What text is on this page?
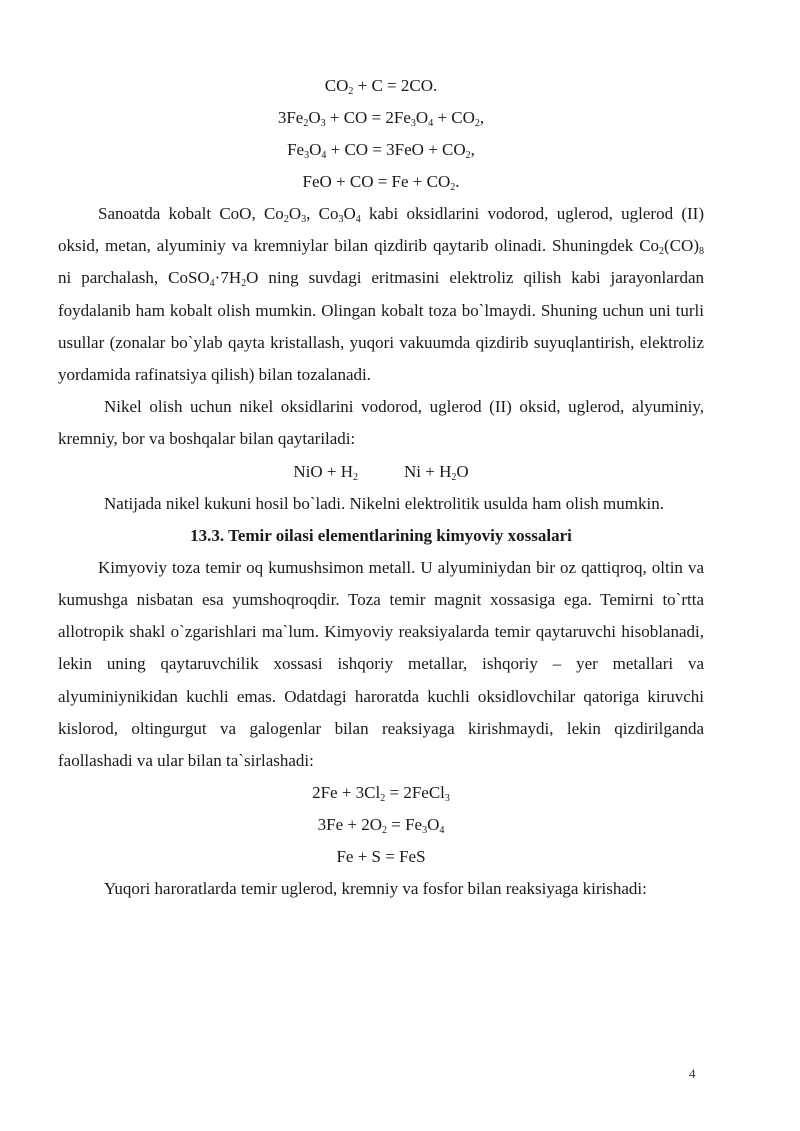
$CO_2 + C = 2CO$.
$3Fe_2O_3$ + CO = $2Fe_3O_4 + CO_2$,
$Fe_3O_4$ + CO = $3FeO + CO_2$,
FeO + CO = $Fe + CO_2$.

Sanoatda kobalt CoO, $Co_2O_3$, $Co_3O_4$ kabi oksidlarini vodorod, uglerod, uglerod (II) oksid, metan, alyuminiy va kremniylar bilan qizdirib qaytarib olinadi. Shuningdek $Co_2(CO)_8$ ni parchalash, $CoSO_4\cdot 7H_2O$ ning suvdagi eritmasini elektroliz qilish kabi jarayonlardan foydalanib ham kobalt olish mumkin. Olingan kobalt toza bo`lmaydi. Shuning uchun uni turli usullar (zonalar bo`ylab qayta kristallash, yuqori vakuumda qizdirib suyuqlantirish, elektroliz yordamida rafinatsiya qilish) bilan tozalanadi.

Nikel olish uchun nikel oksidlarini vodorod, uglerod (II) oksid, uglerod, alyuminiy, kremniy, bor va boshqalar bilan qaytariladi:

NiO + $H_2$	$Ni + H_2O$

Natijada nikel kukuni hosil bo`ladi. Nikelni elektrolitik usulda ham olish mumkin.

13.3. Temir oilasi elementlarining kimyoviy xossalari

Kimyoviy toza temir oq kumushsimon metall. U alyuminiydan bir oz qattiqroq, oltin va kumushga nisbatan esa yumshoqroqdir. Toza temir magnit xossasiga ega. Temirni to`rtta allotropik shakl o`zgarishlari ma`lum. Kimyoviy reaksiyalarda temir qaytaruvchi hisoblanadi, lekin uning qaytaruvchilik xossasi ishqoriy metallar, ishqoriy – yer metallari va alyuminiynikidan kuchli emas. Odatdagi haroratda kuchli oksidlovchilar qatoriga kiruvchi kislorod, oltingurgut va galogenlar bilan reaksiyaga kirishmaydi, lekin qizdirilganda faollashadi va ular bilan ta`sirlashadi:

$2Fe + 3Cl_2$ = 2FeCl$_3$
$3Fe + 2O_2 = Fe_3O_4$
Fe + S = FeS

Yuqori haroratlarda temir uglerod, kremniy va fosfor bilan reaksiyaga kirishadi:

4
